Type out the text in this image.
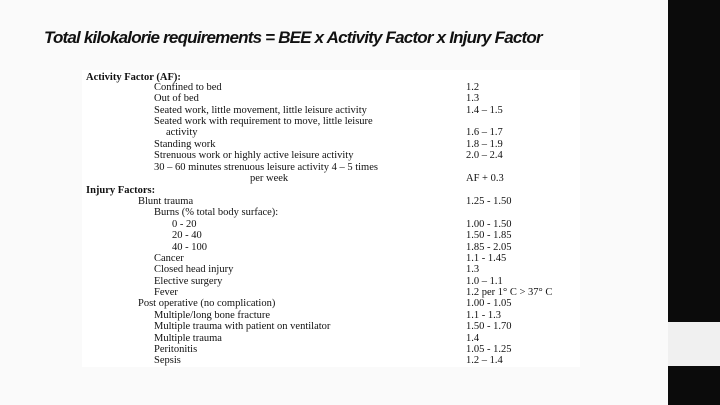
Total kilokalorie requirements = BEE x Activity Factor x Injury Factor
Activity Factor (AF):
Confined to bed	1.2
Out of bed	1.3
Seated work, little movement, little leisure activity	1.4 – 1.5
Seated work with requirement to move, little leisure
activity	1.6 – 1.7
Standing work	1.8 – 1.9
Strenuous work or highly active leisure activity	2.0 – 2.4
30 – 60 minutes strenuous leisure activity 4 – 5 times
per week	AF + 0.3
Injury Factors:
Blunt trauma	1.25 - 1.50
Burns (% total body surface):
0 - 20	1.00 - 1.50
20 - 40	1.50 - 1.85
40 - 100	1.85 - 2.05
Cancer	1.1 - 1.45
Closed head injury	1.3
Elective surgery	1.0 – 1.1
Fever	1.2 per 1° C > 37° C
Post operative (no complication)	1.00 - 1.05
Multiple/long bone fracture	1.1 - 1.3
Multiple trauma with patient on ventilator	1.50 - 1.70
Multiple trauma	1.4
Peritonitis	1.05 - 1.25
Sepsis	1.2 – 1.4
